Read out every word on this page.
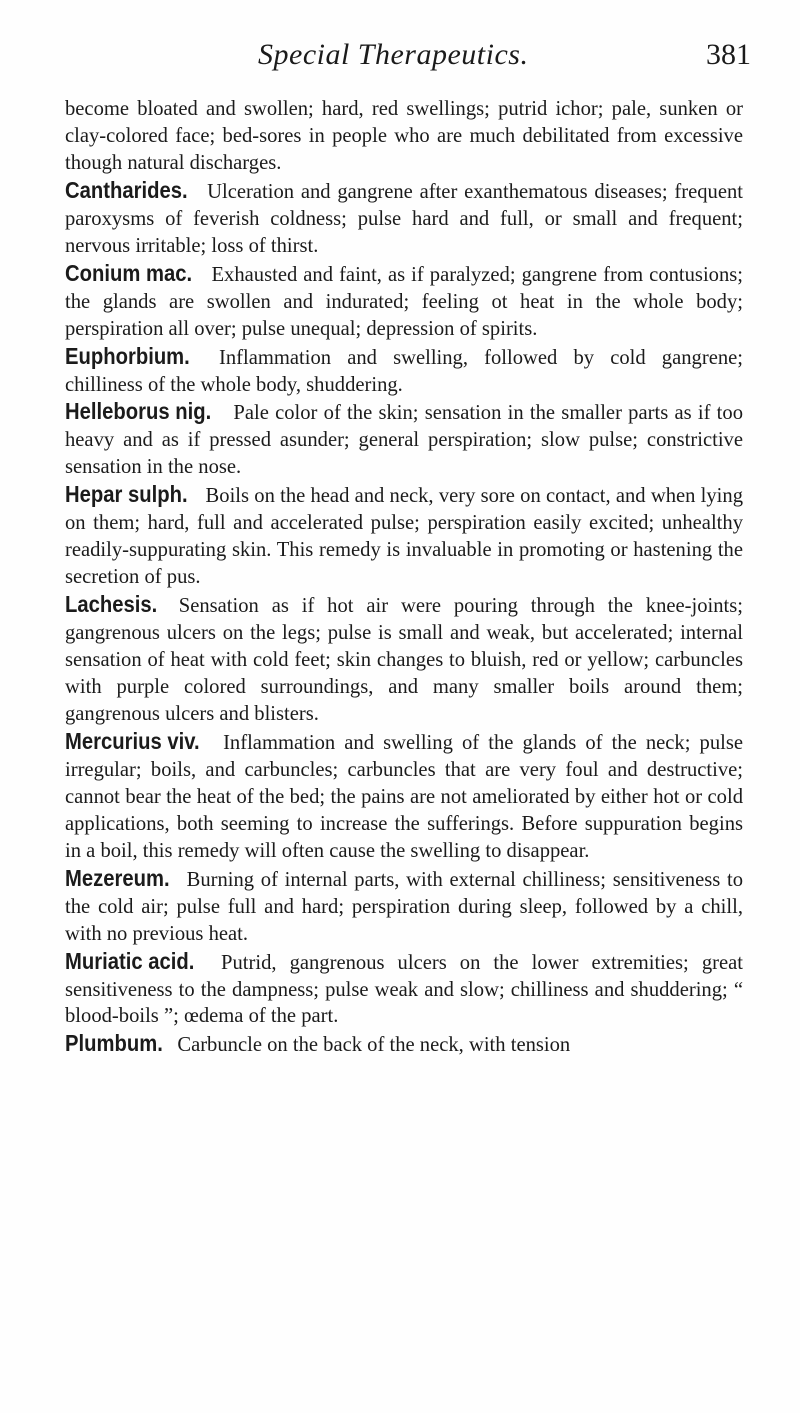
Special Therapeutics.	381

become bloated and swollen; hard, red swellings; putrid ichor; pale, sunken or clay-colored face; bed-sores in people who are much debilitated from excessive though natural discharges.

Cantharides. Ulceration and gangrene after exanthematous diseases; frequent paroxysms of feverish coldness; pulse hard and full, or small and frequent; nervous irritable; loss of thirst.

Conium mac. Exhausted and faint, as if paralyzed; gangrene from contusions; the glands are swollen and indurated; feeling ot heat in the whole body; perspiration all over; pulse unequal; depression of spirits.

Euphorbium. Inflammation and swelling, followed by cold gangrene; chilliness of the whole body, shuddering.

Helleborus nig. Pale color of the skin; sensation in the smaller parts as if too heavy and as if pressed asunder; general perspiration; slow pulse; constrictive sensation in the nose.

Hepar sulph. Boils on the head and neck, very sore on contact, and when lying on them; hard, full and accelerated pulse; perspiration easily excited; unhealthy readily-suppurating skin. This remedy is invaluable in promoting or hastening the secretion of pus.

Lachesis. Sensation as if hot air were pouring through the knee-joints; gangrenous ulcers on the legs; pulse is small and weak, but accelerated; internal sensation of heat with cold feet; skin changes to bluish, red or yellow; carbuncles with purple colored surroundings, and many smaller boils around them; gangrenous ulcers and blisters.

Mercurius viv. Inflammation and swelling of the glands of the neck; pulse irregular; boils, and carbuncles; carbuncles that are very foul and destructive; cannot bear the heat of the bed; the pains are not ameliorated by either hot or cold applications, both seeming to increase the sufferings. Before suppuration begins in a boil, this remedy will often cause the swelling to disappear.

Mezereum. Burning of internal parts, with external chilliness; sensitiveness to the cold air; pulse full and hard; perspiration during sleep, followed by a chill, with no previous heat.

Muriatic acid. Putrid, gangrenous ulcers on the lower extremities; great sensitiveness to the dampness; pulse weak and slow; chilliness and shuddering; “ blood-boils ”; œdema of the part.

Plumbum. Carbuncle on the back of the neck, with tension
